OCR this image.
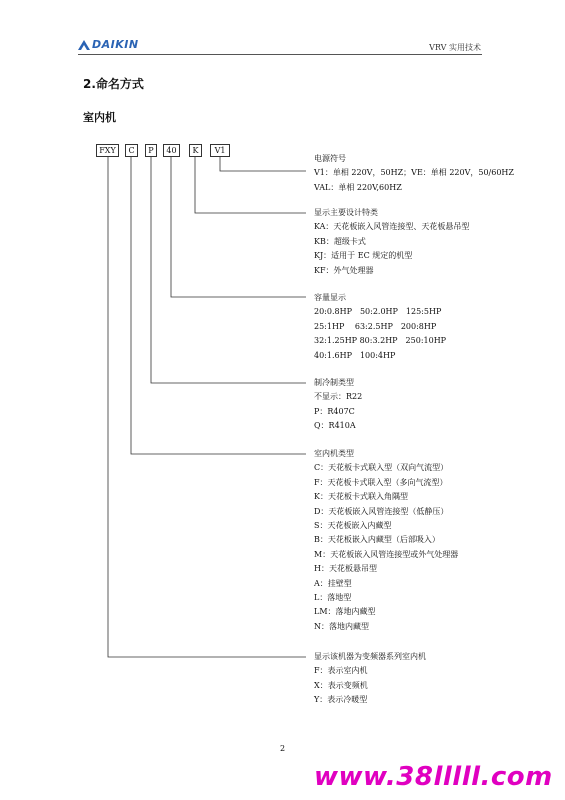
DAIKIN	VRV 实用技术
2.命名方式
室内机
FXY	C	P	40	K	V1
电源符号
V1：单相 220V，50HZ；VE：单相 220V，50/60HZ
VAL：单相 220V,60HZ
显示主要设计特类
KA：天花板嵌入风管连接型、天花板悬吊型
KB：超级卡式
KJ：适用于 EC 规定的机型
KF：外气处理器
容量显示
20:0.8HP　50:2.0HP　125:5HP
25:1HP　 63:2.5HP　200:8HP
32:1.25HP 80:3.2HP　250:10HP
40:1.6HP　100:4HP
制冷制类型
不显示：R22
P：R407C
Q：R410A
室内机类型
C：天花板卡式联入型（双向气流型）
F：天花板卡式联入型（多向气流型）
K：天花板卡式联入角隅型
D：天花板嵌入风管连接型（低静压）
S：天花板嵌入内藏型
B：天花板嵌入内藏型（后部吸入）
M：天花板嵌入风管连接型或外气处理器
H：天花板悬吊型
A：挂壁型
L：落地型
LM：落地内藏型
N：落地内藏型
显示该机器为变频器系列室内机
F：表示室内机
X：表示变频机
Y：表示冷暖型
2
www.38lllll.com
